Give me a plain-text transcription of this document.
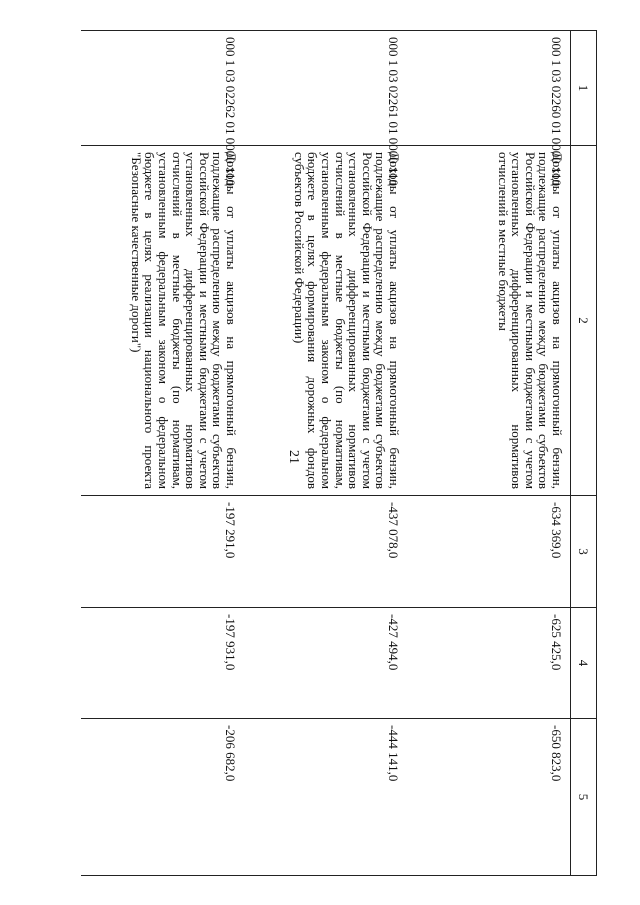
21
1
2
3
4
5
000 1 03 02260 01 0000 110
Доходы от уплаты акцизов на прямогонный бензин, подлежащие распределению между бюджетами субъектов Российской Федерации и местными бюджетами с учетом установленных дифференцированных нормативов отчислений в местные бюджеты
-634 369,0
-625 425,0
-650 823,0
000 1 03 02261 01 0000 110
Доходы от уплаты акцизов на прямогонный бензин, подлежащие распределению между бюджетами субъектов Российской Федерации и местными бюджетами с учетом установленных дифференцированных нормативов отчислений в местные бюджеты (по нормативам, установленным федеральным законом о федеральном бюджете в целях формирования дорожных фондов субъектов Российской Федерации)
-437 078,0
-427 494,0
-444 141,0
000 1 03 02262 01 0000 110
Доходы от уплаты акцизов на прямогонный бензин, подлежащие распределению между бюджетами субъектов Российской Федерации и местными бюджетами с учетом установленных дифференцированных нормативов отчислений в местные бюджеты (по нормативам, установленным федеральным законом о федеральном бюджете в целях реализации национального проекта "Безопасные качественные дороги")
-197 291,0
-197 931,0
-206 682,0
